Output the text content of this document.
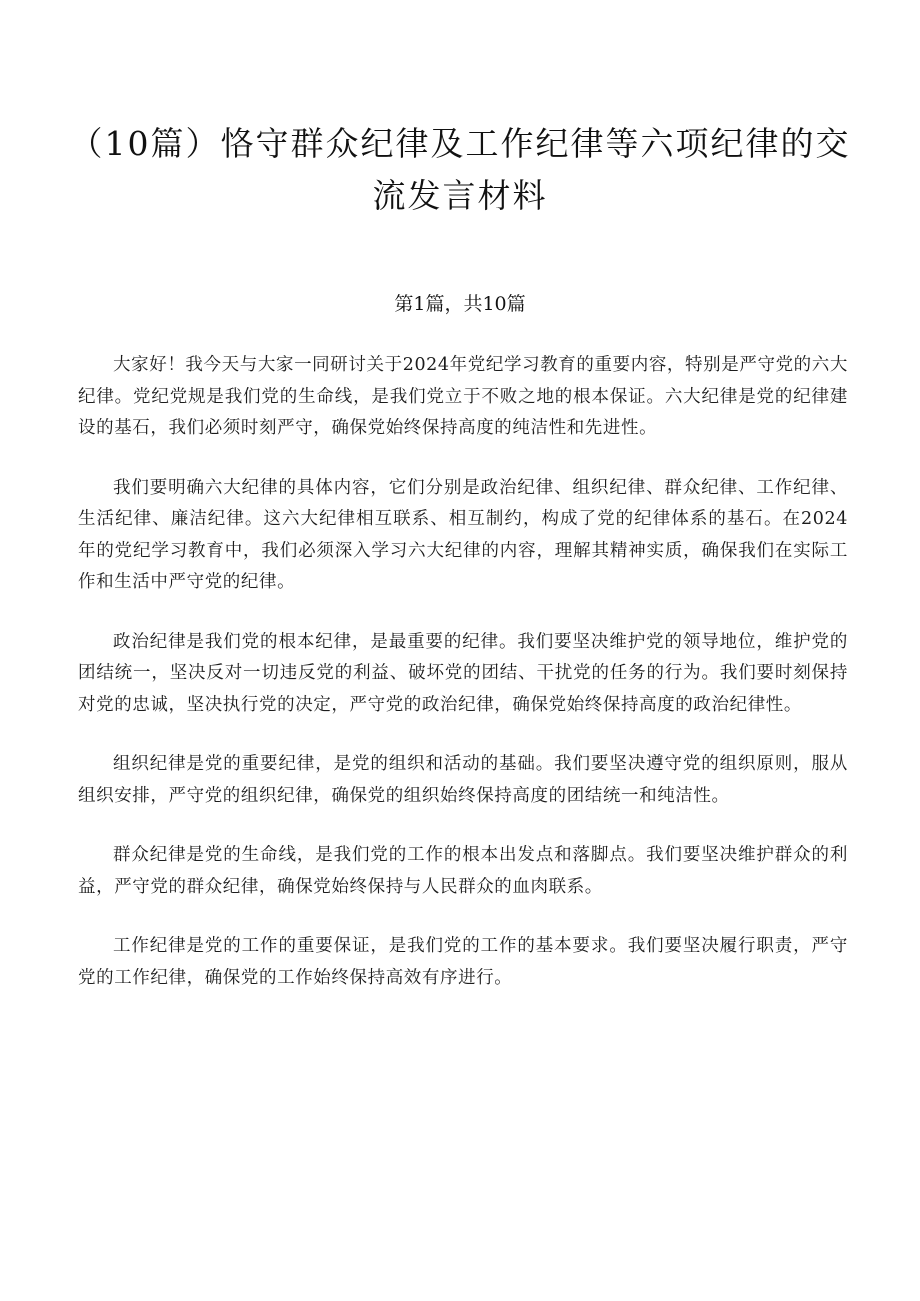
（10篇）恪守群众纪律及工作纪律等六项纪律的交流发言材料
第1篇，共10篇

大家好！我今天与大家一同研讨关于2024年党纪学习教育的重要内容，特别是严守党的六大纪律。党纪党规是我们党的生命线，是我们党立于不败之地的根本保证。六大纪律是党的纪律建设的基石，我们必须时刻严守，确保党始终保持高度的纯洁性和先进性。

我们要明确六大纪律的具体内容，它们分别是政治纪律、组织纪律、群众纪律、工作纪律、生活纪律、廉洁纪律。这六大纪律相互联系、相互制约，构成了党的纪律体系的基石。在2024年的党纪学习教育中，我们必须深入学习六大纪律的内容，理解其精神实质，确保我们在实际工作和生活中严守党的纪律。

政治纪律是我们党的根本纪律，是最重要的纪律。我们要坚决维护党的领导地位，维护党的团结统一，坚决反对一切违反党的利益、破坏党的团结、干扰党的任务的行为。我们要时刻保持对党的忠诚，坚决执行党的决定，严守党的政治纪律，确保党始终保持高度的政治纪律性。

组织纪律是党的重要纪律，是党的组织和活动的基础。我们要坚决遵守党的组织原则，服从组织安排，严守党的组织纪律，确保党的组织始终保持高度的团结统一和纯洁性。

群众纪律是党的生命线，是我们党的工作的根本出发点和落脚点。我们要坚决维护群众的利益，严守党的群众纪律，确保党始终保持与人民群众的血肉联系。

工作纪律是党的工作的重要保证，是我们党的工作的基本要求。我们要坚决履行职责，严守党的工作纪律，确保党的工作始终保持高效有序进行。
